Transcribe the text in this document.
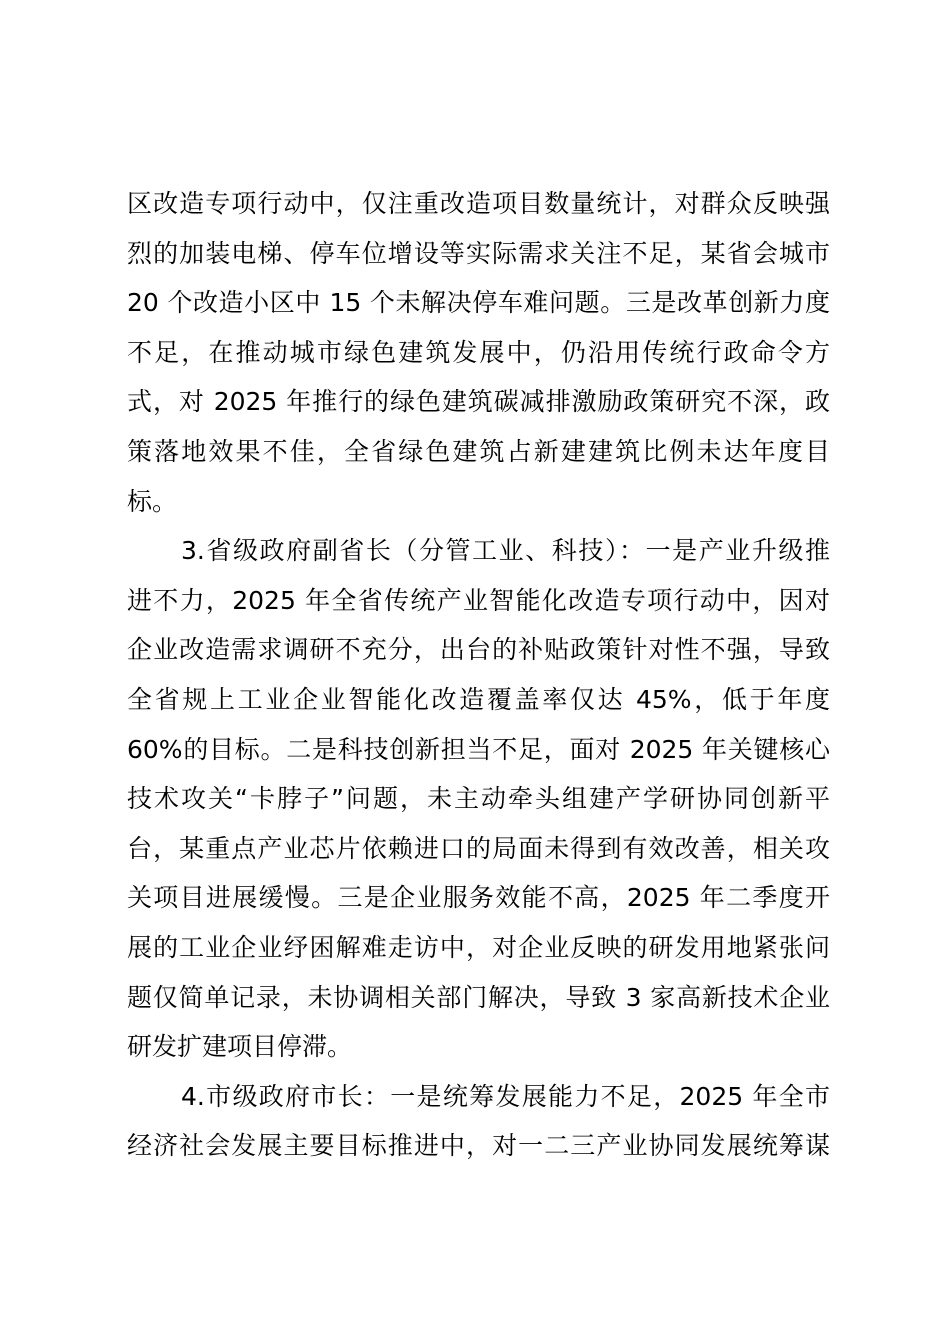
区改造专项行动中，仅注重改造项目数量统计，对群众反映强
烈的加装电梯、停车位增设等实际需求关注不足，某省会城市
20 个改造小区中 15 个未解决停车难问题。三是改革创新力度
不足，在推动城市绿色建筑发展中，仍沿用传统行政命令方
式，对 2025 年推行的绿色建筑碳减排激励政策研究不深，政
策落地效果不佳，全省绿色建筑占新建建筑比例未达年度目
标。
3.省级政府副省长（分管工业、科技）：一是产业升级推
进不力，2025 年全省传统产业智能化改造专项行动中，因对
企业改造需求调研不充分，出台的补贴政策针对性不强，导致
全省规上工业企业智能化改造覆盖率仅达 45%，低于年度
60%的目标。二是科技创新担当不足，面对 2025 年关键核心
技术攻关“卡脖子”问题，未主动牵头组建产学研协同创新平
台，某重点产业芯片依赖进口的局面未得到有效改善，相关攻
关项目进展缓慢。三是企业服务效能不高，2025 年二季度开
展的工业企业纾困解难走访中，对企业反映的研发用地紧张问
题仅简单记录，未协调相关部门解决，导致 3 家高新技术企业
研发扩建项目停滞。
4.市级政府市长：一是统筹发展能力不足，2025 年全市
经济社会发展主要目标推进中，对一二三产业协同发展统筹谋
